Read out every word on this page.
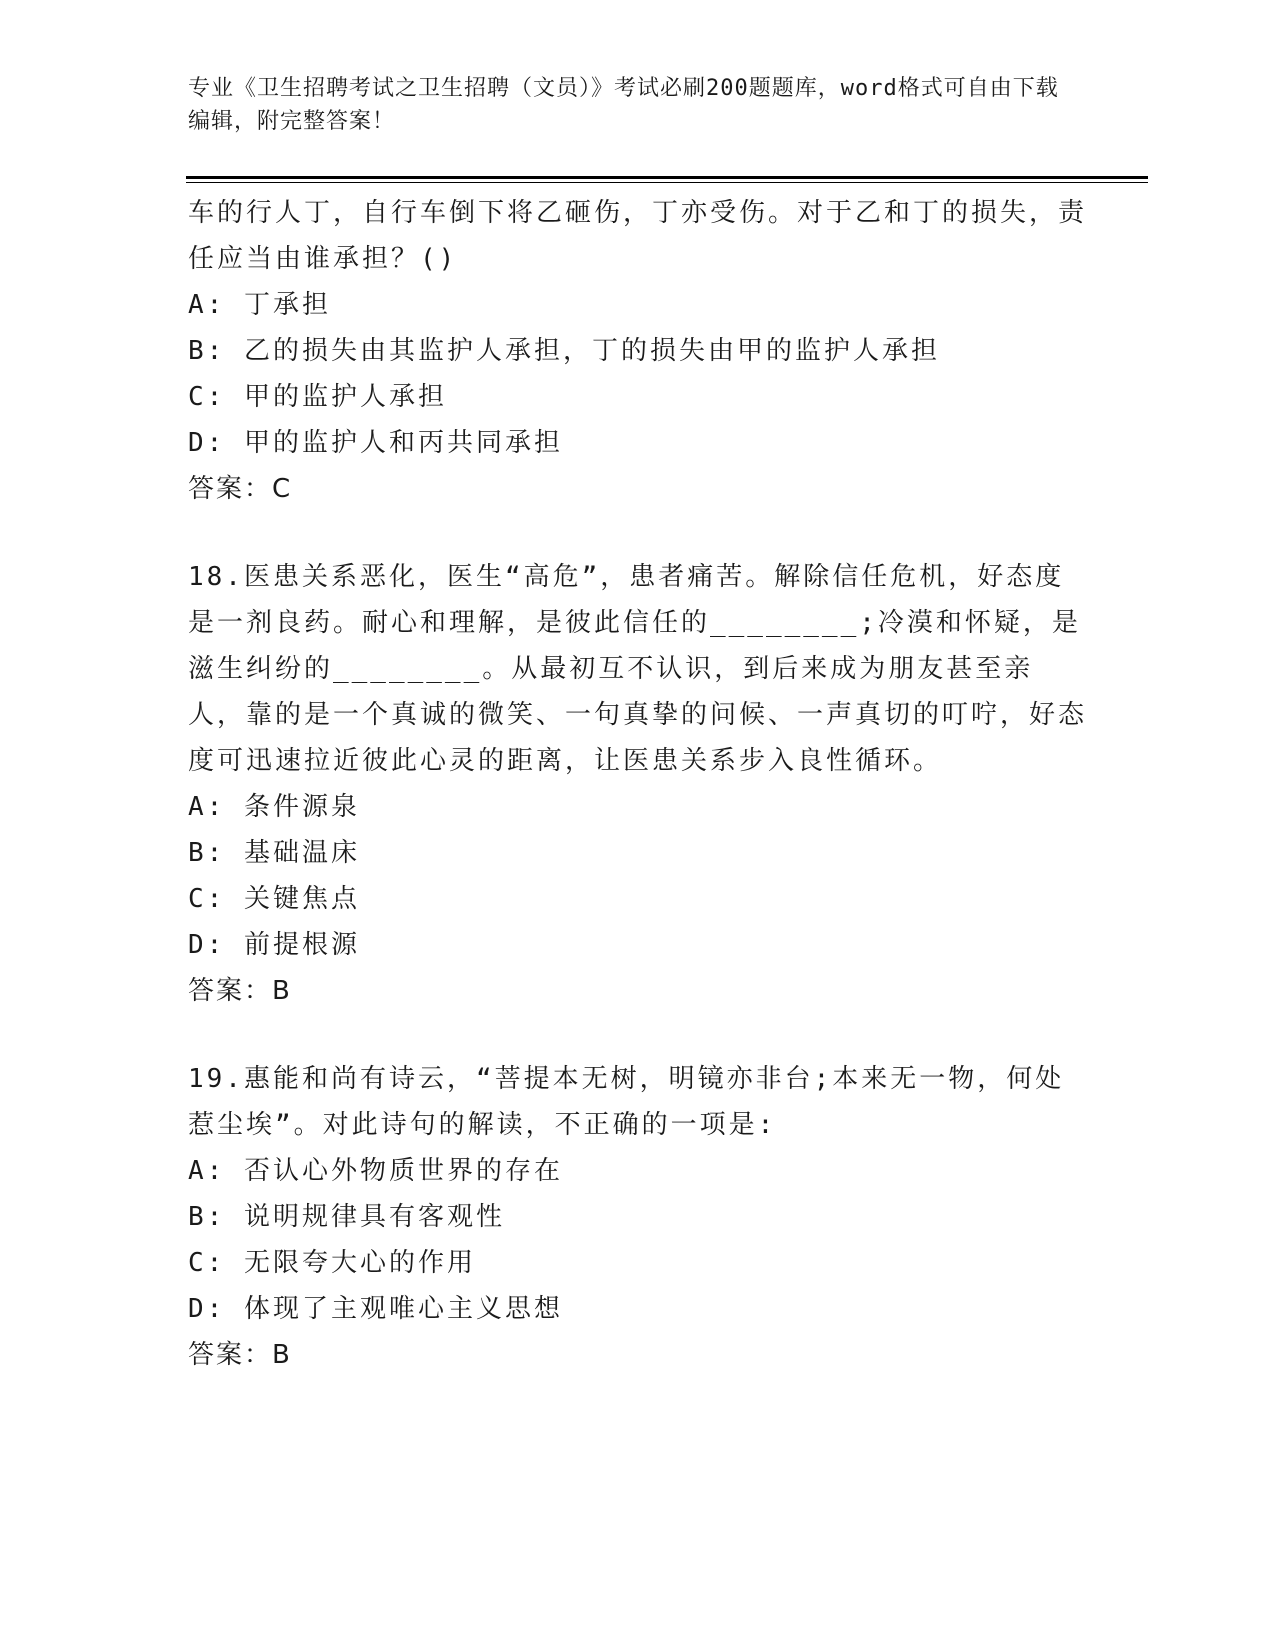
专业《卫生招聘考试之卫生招聘（文员）》考试必刷200题题库，word格式可自由下载编辑，附完整答案！

车的行人丁，自行车倒下将乙砸伤，丁亦受伤。对于乙和丁的损失，责任应当由谁承担？()

A: 丁承担

B: 乙的损失由其监护人承担，丁的损失由甲的监护人承担

C: 甲的监护人承担

D: 甲的监护人和丙共同承担

答案：C

18.医患关系恶化，医生“高危”，患者痛苦。解除信任危机，好态度是一剂良药。耐心和理解，是彼此信任的________;冷漠和怀疑，是滋生纠纷的________。从最初互不认识，到后来成为朋友甚至亲人，靠的是一个真诚的微笑、一句真挚的问候、一声真切的叮咛，好态度可迅速拉近彼此心灵的距离，让医患关系步入良性循环。

A: 条件源泉

B: 基础温床

C: 关键焦点

D: 前提根源

答案：B

19.惠能和尚有诗云，“菩提本无树，明镜亦非台;本来无一物，何处惹尘埃”。对此诗句的解读，不正确的一项是:

A: 否认心外物质世界的存在

B: 说明规律具有客观性

C: 无限夸大心的作用

D: 体现了主观唯心主义思想

答案：B
